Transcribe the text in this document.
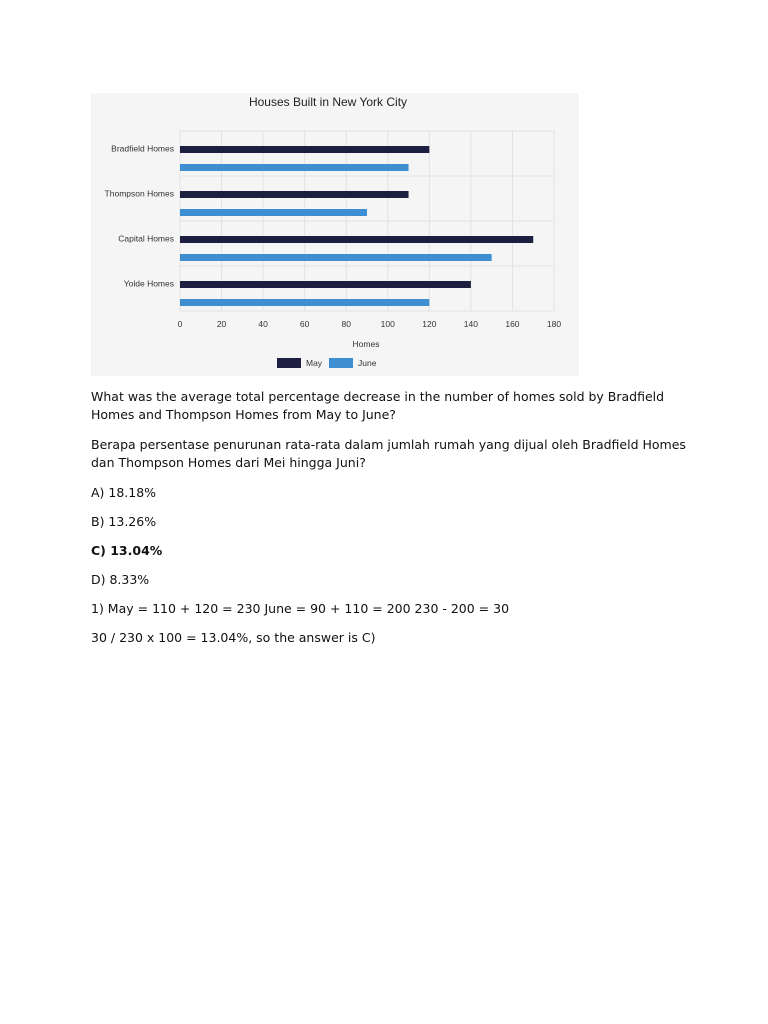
Houses Built in New York City
Bradfield Homes
Thompson Homes
Capital Homes
Yolde Homes
0	20	40	60	80	100	120	140	160	180
Homes
May	June

What was the average total percentage decrease in the number of homes sold by Bradfield Homes and Thompson Homes from May to June?

Berapa persentase penurunan rata-rata dalam jumlah rumah yang dijual oleh Bradfield Homes dan Thompson Homes dari Mei hingga Juni?

A) 18.18%

B) 13.26%

C) 13.04%

D) 8.33%

1) May = 110 + 120 = 230 June = 90 + 110 = 200 230 - 200 = 30

30 / 230 x 100 = 13.04%, so the answer is C)
